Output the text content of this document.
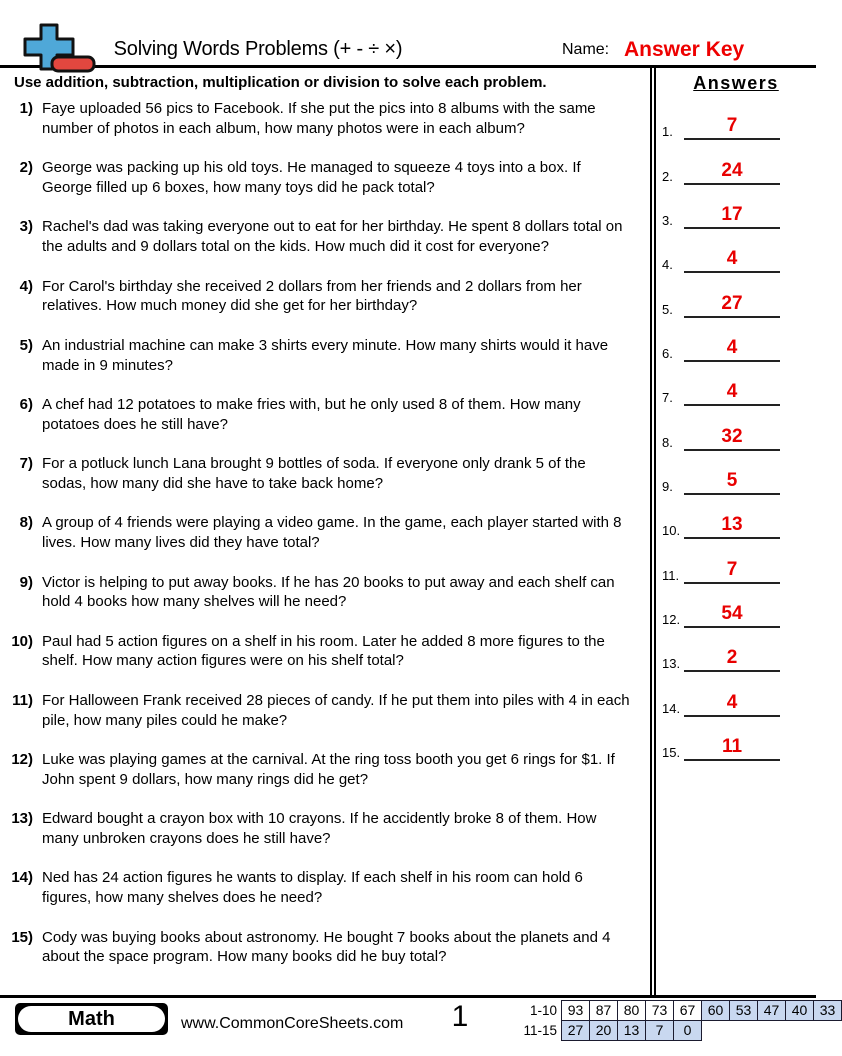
Solving Words Problems (+ - ÷ ×)	Name: Answer Key
Use addition, subtraction, multiplication or division to solve each problem.
1) Faye uploaded 56 pics to Facebook. If she put the pics into 8 albums with the same number of photos in each album, how many photos were in each album?
2) George was packing up his old toys. He managed to squeeze 4 toys into a box. If George filled up 6 boxes, how many toys did he pack total?
3) Rachel's dad was taking everyone out to eat for her birthday. He spent 8 dollars total on the adults and 9 dollars total on the kids. How much did it cost for everyone?
4) For Carol's birthday she received 2 dollars from her friends and 2 dollars from her relatives. How much money did she get for her birthday?
5) An industrial machine can make 3 shirts every minute. How many shirts would it have made in 9 minutes?
6) A chef had 12 potatoes to make fries with, but he only used 8 of them. How many potatoes does he still have?
7) For a potluck lunch Lana brought 9 bottles of soda. If everyone only drank 5 of the sodas, how many did she have to take back home?
8) A group of 4 friends were playing a video game. In the game, each player started with 8 lives. How many lives did they have total?
9) Victor is helping to put away books. If he has 20 books to put away and each shelf can hold 4 books how many shelves will he need?
10) Paul had 5 action figures on a shelf in his room. Later he added 8 more figures to the shelf. How many action figures were on his shelf total?
11) For Halloween Frank received 28 pieces of candy. If he put them into piles with 4 in each pile, how many piles could he make?
12) Luke was playing games at the carnival. At the ring toss booth you get 6 rings for $1. If John spent 9 dollars, how many rings did he get?
13) Edward bought a crayon box with 10 crayons. If he accidently broke 8 of them. How many unbroken crayons does he still have?
14) Ned has 24 action figures he wants to display. If each shelf in his room can hold 6 figures, how many shelves does he need?
15) Cody was buying books about astronomy. He bought 7 books about the planets and 4 about the space program. How many books did he buy total?
Answers
1.	7
2.	24
3.	17
4.	4
5.	27
6.	4
7.	4
8.	32
9.	5
10.	13
11.	7
12.	54
13.	2
14.	4
15.	11
Math	www.CommonCoreSheets.com	1	1-10 93 87 80 73 67 60 53 47 40 33
11-15 27 20 13	7	0
